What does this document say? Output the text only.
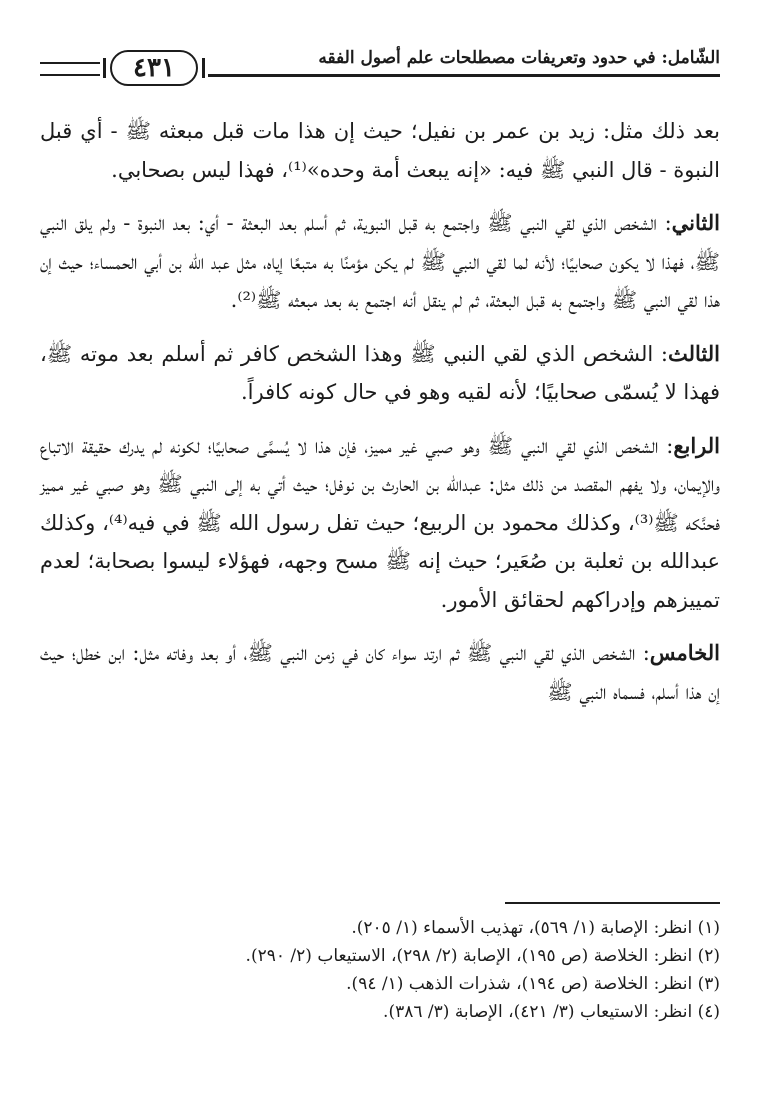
٤٣١	الشّامل: في حدود وتعريفات مصطلحات علم أصول الفقه

بعد ذلك مثل: زيد بن عمر بن نفيل؛ حيث إن هذا مات قبل مبعثه ﷺ - أي قبل النبوة - قال النبي ﷺ فيه: «إنه يبعث أمة وحده»⁽¹⁾، فهذا ليس بصحابي.

الثاني: الشخص الذي لقي النبي ﷺ واجتمع به قبل النبوية، ثم أسلم بعد البعثة - أي: بعد النبوة - ولم يلق النبي ﷺ، فهذا لا يكون صحابيًا؛ لأنه لما لقي النبي ﷺ لم يكن مؤمنًا به متبعًا إياه، مثل عبد الله بن أبي الحمساء؛ حيث إن هذا لقي النبي ﷺ واجتمع به قبل البعثة، ثم لم ينقل أنه اجتمع به بعد مبعثه ﷺ⁽²⁾.

الثالث: الشخص الذي لقي النبي ﷺ وهذا الشخص كافر ثم أسلم بعد موته ﷺ، فهذا لا يُسمّى صحابيًا؛ لأنه لقيه وهو في حال كونه كافراً.

الرابع: الشخص الذي لقي النبي ﷺ وهو صبي غير مميز، فإن هذا لا يُسمَّى صحابيًا؛ لكونه لم يدرك حقيقة الاتباع والإيمان، ولا يفهم المقصد من ذلك مثل: عبدالله بن الحارث بن نوفل؛ حيث أتي به إلى النبي ﷺ وهو صبي غير مميز فحنَّكه ﷺ⁽³⁾، وكذلك محمود بن الربيع؛ حيث تفل رسول الله ﷺ في فيه⁽⁴⁾، وكذلك عبدالله بن ثعلبة بن صُعَير؛ حيث إنه ﷺ مسح وجهه، فهؤلاء ليسوا بصحابة؛ لعدم تمييزهم وإدراكهم لحقائق الأمور.

الخامس: الشخص الذي لقي النبي ﷺ ثم ارتد سواء كان في زمن النبي ﷺ، أو بعد وفاته مثل: ابن خطل؛ حيث إن هذا أسلم، فسماه النبي ﷺ

(١) انظر: الإصابة (١/ ٥٦٩)، تهذيب الأسماء (١/ ٢٠٥).

(٢) انظر: الخلاصة (ص ١٩٥)، الإصابة (٢/ ٢٩٨)، الاستيعاب (٢/ ٢٩٠).

(٣) انظر: الخلاصة (ص ١٩٤)، شذرات الذهب (١/ ٩٤).

(٤) انظر: الاستيعاب (٣/ ٤٢١)، الإصابة (٣/ ٣٨٦).
